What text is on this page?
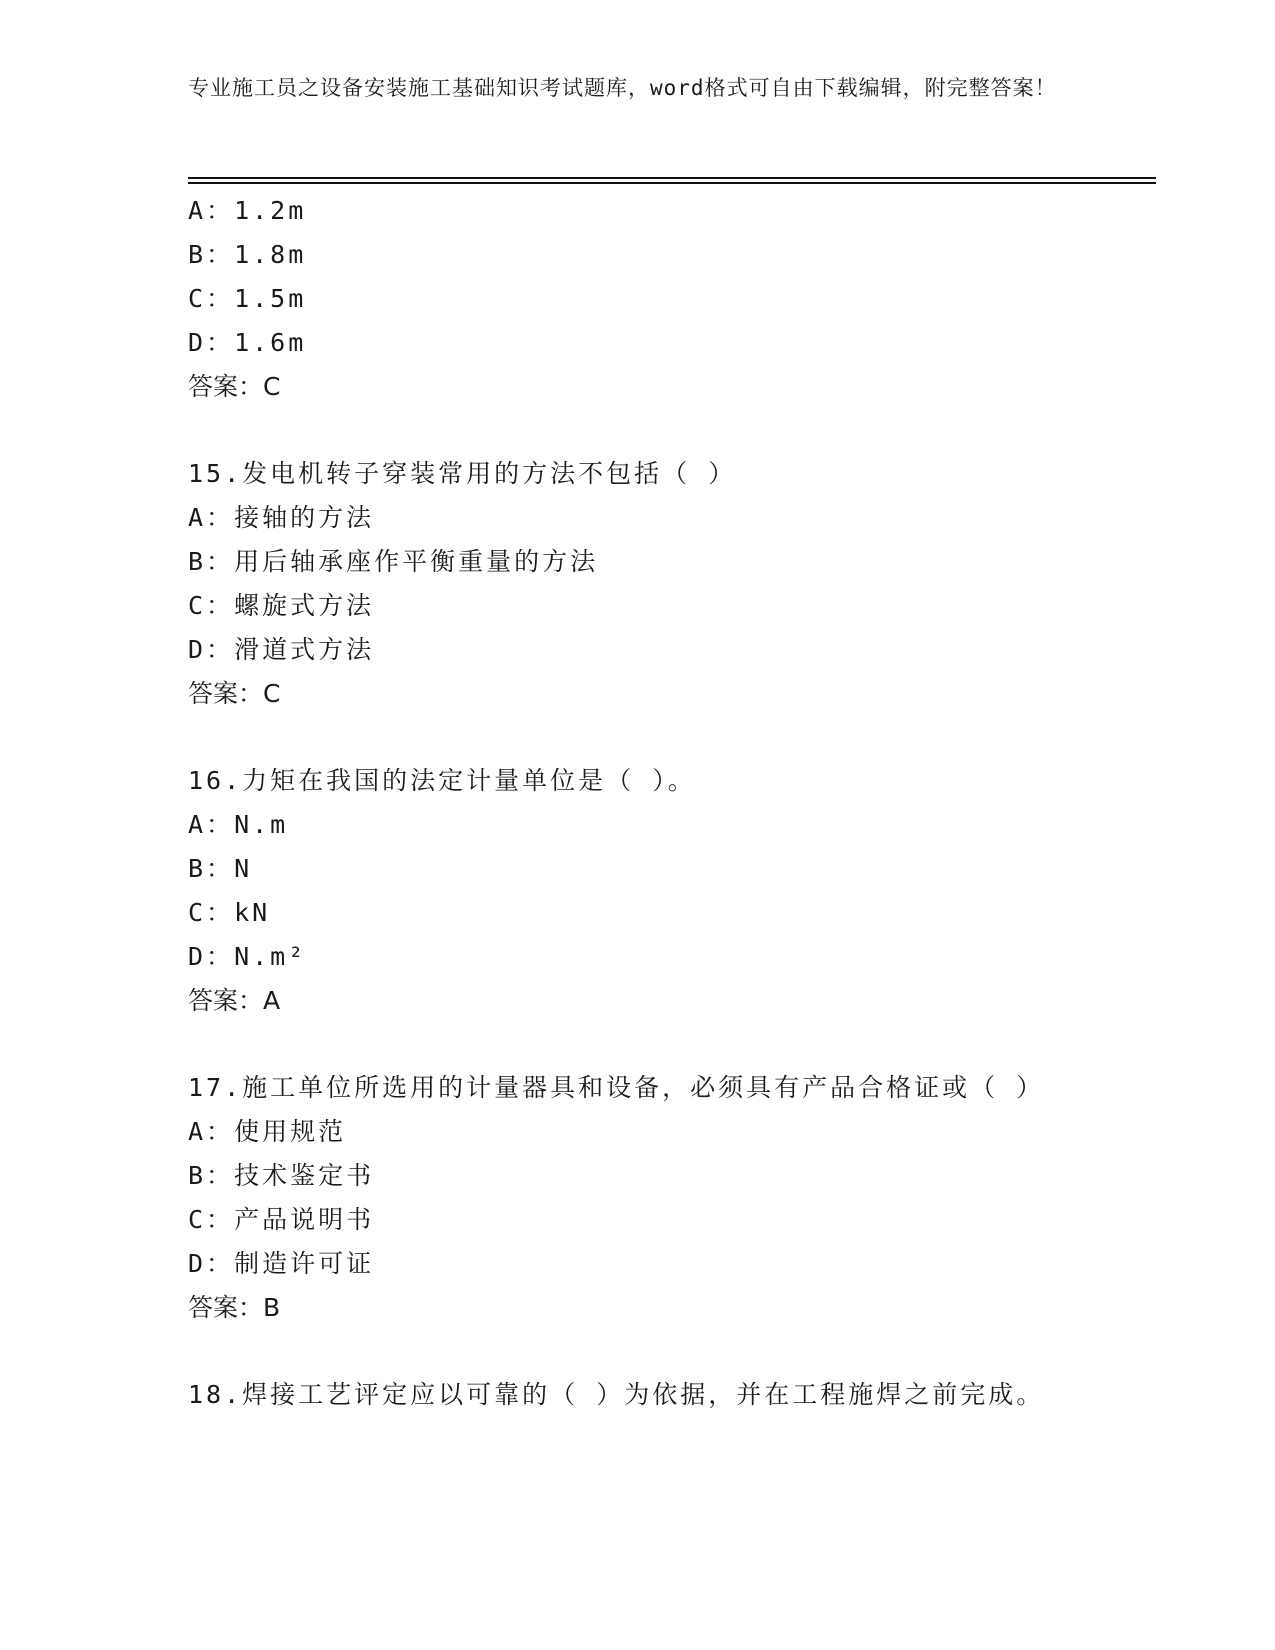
专业施工员之设备安装施工基础知识考试题库，word格式可自由下载编辑，附完整答案！
A：1.2m
B：1.8m
C：1.5m
D：1.6m
答案：C
15.发电机转子穿装常用的方法不包括（ ）
A：接轴的方法
B：用后轴承座作平衡重量的方法
C：螺旋式方法
D：滑道式方法
答案：C
16.力矩在我国的法定计量单位是（ ）。
A：N.m
B：N
C：kN
D：N.m²
答案：A
17.施工单位所选用的计量器具和设备，必须具有产品合格证或（ ）
A：使用规范
B：技术鉴定书
C：产品说明书
D：制造许可证
答案：B
18.焊接工艺评定应以可靠的（ ）为依据，并在工程施焊之前完成。
